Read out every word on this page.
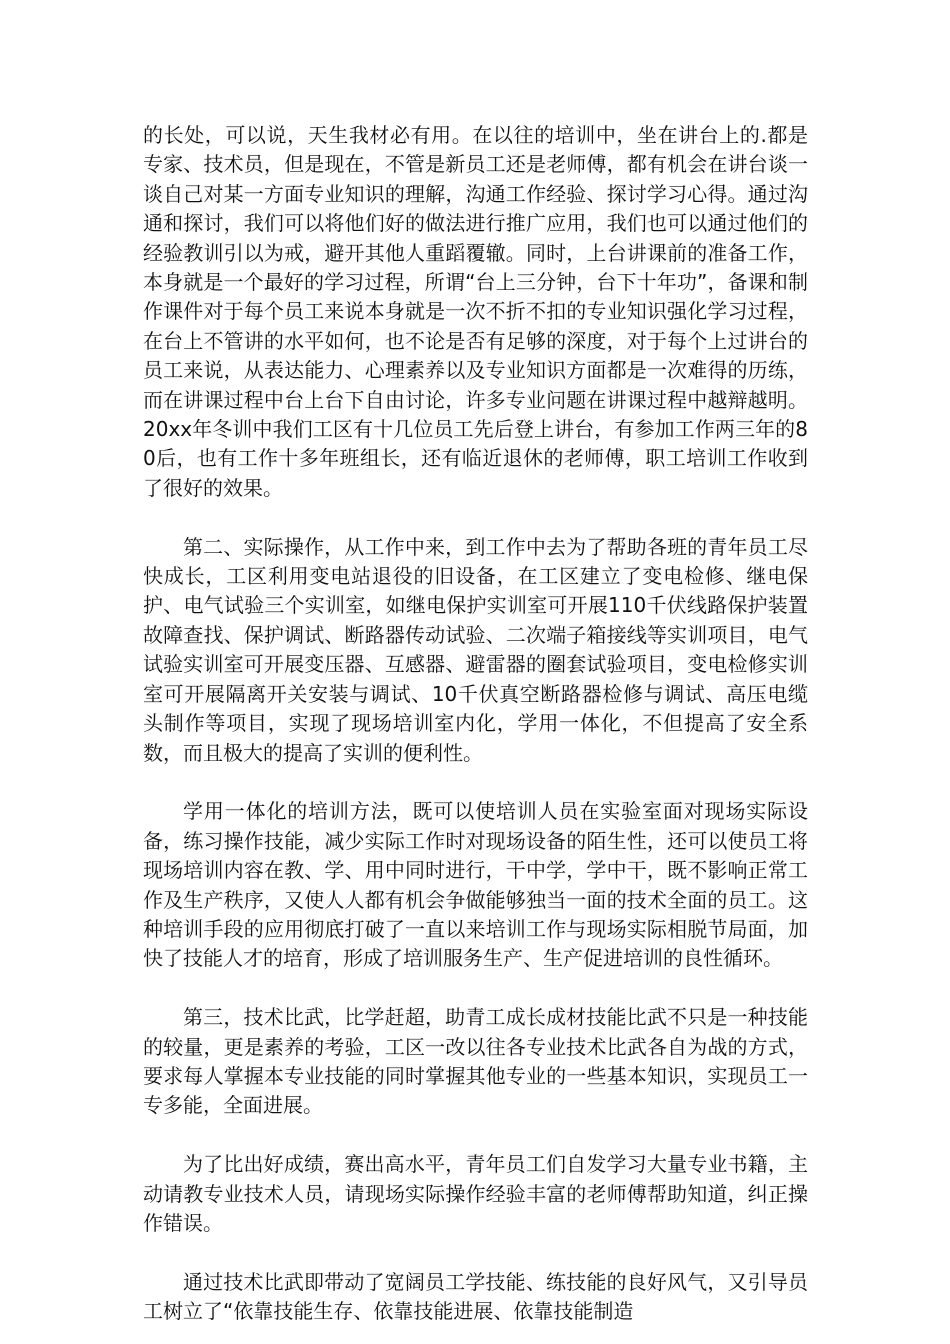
的长处，可以说，天生我材必有用。在以往的培训中，坐在讲台上的.都是专家、技术员，但是现在，不管是新员工还是老师傅，都有机会在讲台谈一谈自己对某一方面专业知识的理解，沟通工作经验、探讨学习心得。通过沟通和探讨，我们可以将他们好的做法进行推广应用，我们也可以通过他们的经验教训引以为戒，避开其他人重蹈覆辙。同时，上台讲课前的准备工作，本身就是一个最好的学习过程，所谓“台上三分钟，台下十年功”，备课和制作课件对于每个员工来说本身就是一次不折不扣的专业知识强化学习过程，在台上不管讲的水平如何，也不论是否有足够的深度，对于每个上过讲台的员工来说，从表达能力、心理素养以及专业知识方面都是一次难得的历练，而在讲课过程中台上台下自由讨论，许多专业问题在讲课过程中越辩越明。20xx年冬训中我们工区有十几位员工先后登上讲台，有参加工作两三年的80后，也有工作十多年班组长，还有临近退休的老师傅，职工培训工作收到了很好的效果。

第二、实际操作，从工作中来，到工作中去为了帮助各班的青年员工尽快成长，工区利用变电站退役的旧设备，在工区建立了变电检修、继电保护、电气试验三个实训室，如继电保护实训室可开展110千伏线路保护装置故障查找、保护调试、断路器传动试验、二次端子箱接线等实训项目，电气试验实训室可开展变压器、互感器、避雷器的圈套试验项目，变电检修实训室可开展隔离开关安装与调试、10千伏真空断路器检修与调试、高压电缆头制作等项目，实现了现场培训室内化，学用一体化，不但提高了安全系数，而且极大的提高了实训的便利性。

学用一体化的培训方法，既可以使培训人员在实验室面对现场实际设备，练习操作技能，减少实际工作时对现场设备的陌生性，还可以使员工将现场培训内容在教、学、用中同时进行，干中学，学中干，既不影响正常工作及生产秩序，又使人人都有机会争做能够独当一面的技术全面的员工。这种培训手段的应用彻底打破了一直以来培训工作与现场实际相脱节局面，加快了技能人才的培育，形成了培训服务生产、生产促进培训的良性循环。

第三，技术比武，比学赶超，助青工成长成材技能比武不只是一种技能的较量，更是素养的考验，工区一改以往各专业技术比武各自为战的方式，要求每人掌握本专业技能的同时掌握其他专业的一些基本知识，实现员工一专多能，全面进展。

为了比出好成绩，赛出高水平，青年员工们自发学习大量专业书籍，主动请教专业技术人员，请现场实际操作经验丰富的老师傅帮助知道，纠正操作错误。

通过技术比武即带动了宽阔员工学技能、练技能的良好风气，又引导员工树立了“依靠技能生存、依靠技能进展、依靠技能制造
